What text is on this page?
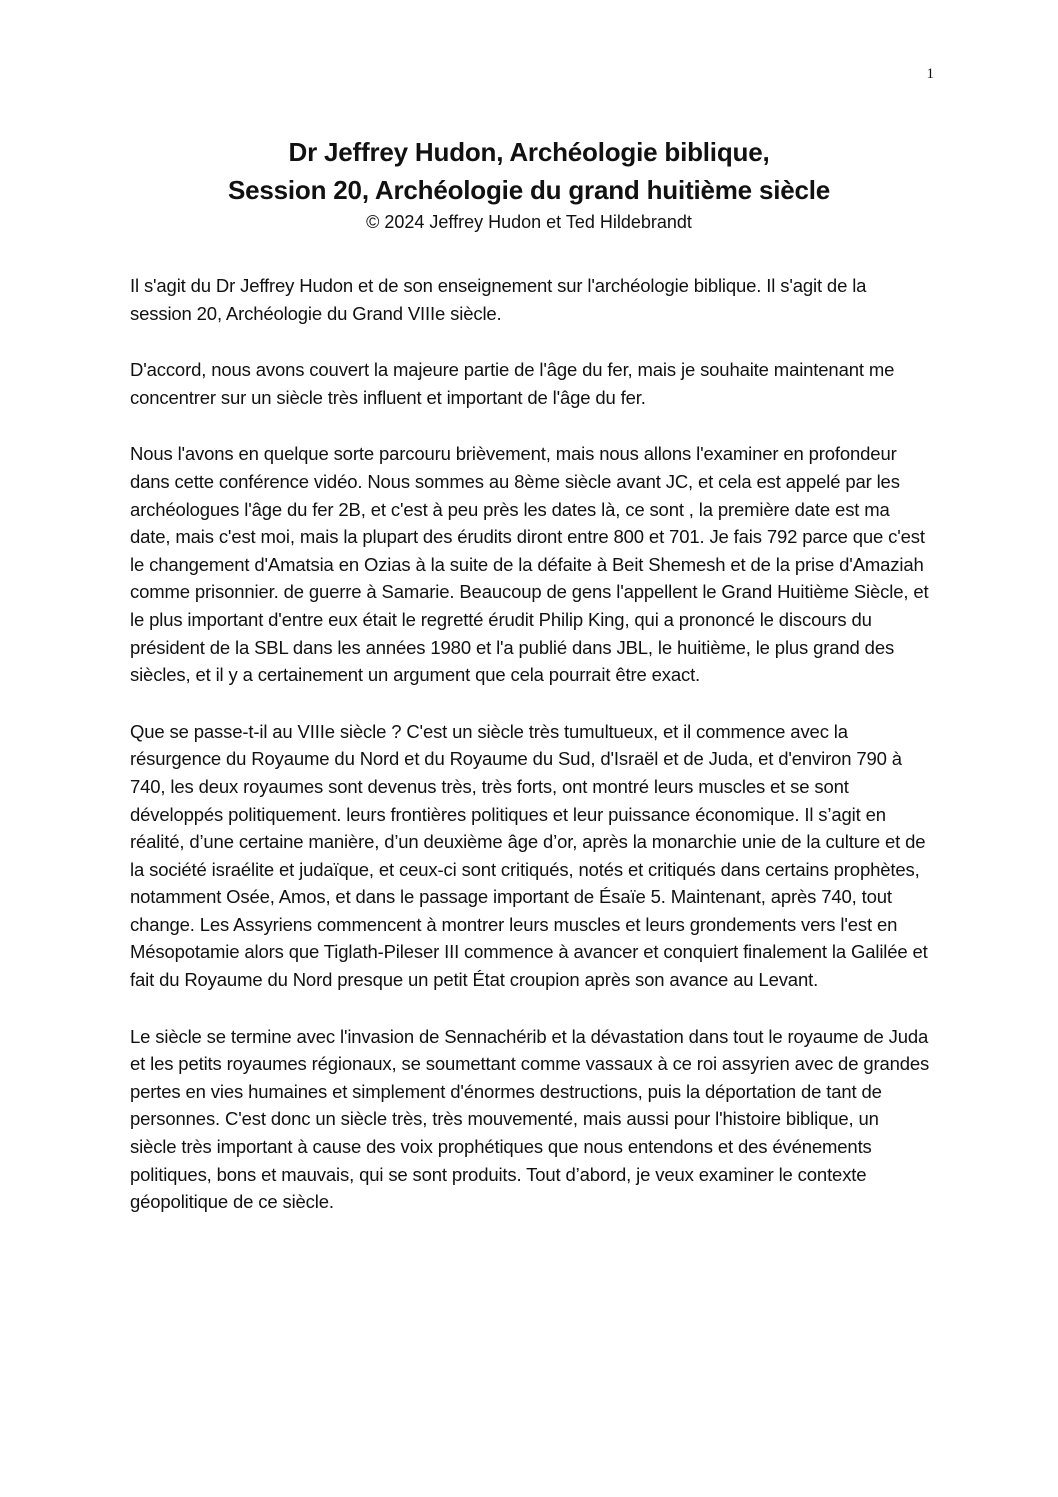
1
Dr Jeffrey Hudon, Archéologie biblique,
Session 20, Archéologie du grand huitième siècle
© 2024 Jeffrey Hudon et Ted Hildebrandt

Il s'agit du Dr Jeffrey Hudon et de son enseignement sur l'archéologie biblique. Il s'agit de la session 20, Archéologie du Grand VIIIe siècle.

D'accord, nous avons couvert la majeure partie de l'âge du fer, mais je souhaite maintenant me concentrer sur un siècle très influent et important de l'âge du fer.

Nous l'avons en quelque sorte parcouru brièvement, mais nous allons l'examiner en profondeur dans cette conférence vidéo. Nous sommes au 8ème siècle avant JC, et cela est appelé par les archéologues l'âge du fer 2B, et c'est à peu près les dates là, ce sont , la première date est ma date, mais c'est moi, mais la plupart des érudits diront entre 800 et 701. Je fais 792 parce que c'est le changement d'Amatsia en Ozias à la suite de la défaite à Beit Shemesh et de la prise d'Amaziah comme prisonnier. de guerre à Samarie. Beaucoup de gens l'appellent le Grand Huitième Siècle, et le plus important d'entre eux était le regretté érudit Philip King, qui a prononcé le discours du président de la SBL dans les années 1980 et l'a publié dans JBL, le huitième, le plus grand des siècles, et il y a certainement un argument que cela pourrait être exact.

Que se passe-t-il au VIIIe siècle ? C'est un siècle très tumultueux, et il commence avec la résurgence du Royaume du Nord et du Royaume du Sud, d'Israël et de Juda, et d'environ 790 à 740, les deux royaumes sont devenus très, très forts, ont montré leurs muscles et se sont développés politiquement. leurs frontières politiques et leur puissance économique. Il s’agit en réalité, d’une certaine manière, d’un deuxième âge d’or, après la monarchie unie de la culture et de la société israélite et judaïque, et ceux-ci sont critiqués, notés et critiqués dans certains prophètes, notamment Osée, Amos, et dans le passage important de Ésaïe 5. Maintenant, après 740, tout change. Les Assyriens commencent à montrer leurs muscles et leurs grondements vers l'est en Mésopotamie alors que Tiglath-Pileser III commence à avancer et conquiert finalement la Galilée et fait du Royaume du Nord presque un petit État croupion après son avance au Levant.

Le siècle se termine avec l'invasion de Sennachérib et la dévastation dans tout le royaume de Juda et les petits royaumes régionaux, se soumettant comme vassaux à ce roi assyrien avec de grandes pertes en vies humaines et simplement d'énormes destructions, puis la déportation de tant de personnes. C'est donc un siècle très, très mouvementé, mais aussi pour l'histoire biblique, un siècle très important à cause des voix prophétiques que nous entendons et des événements politiques, bons et mauvais, qui se sont produits. Tout d’abord, je veux examiner le contexte géopolitique de ce siècle.
